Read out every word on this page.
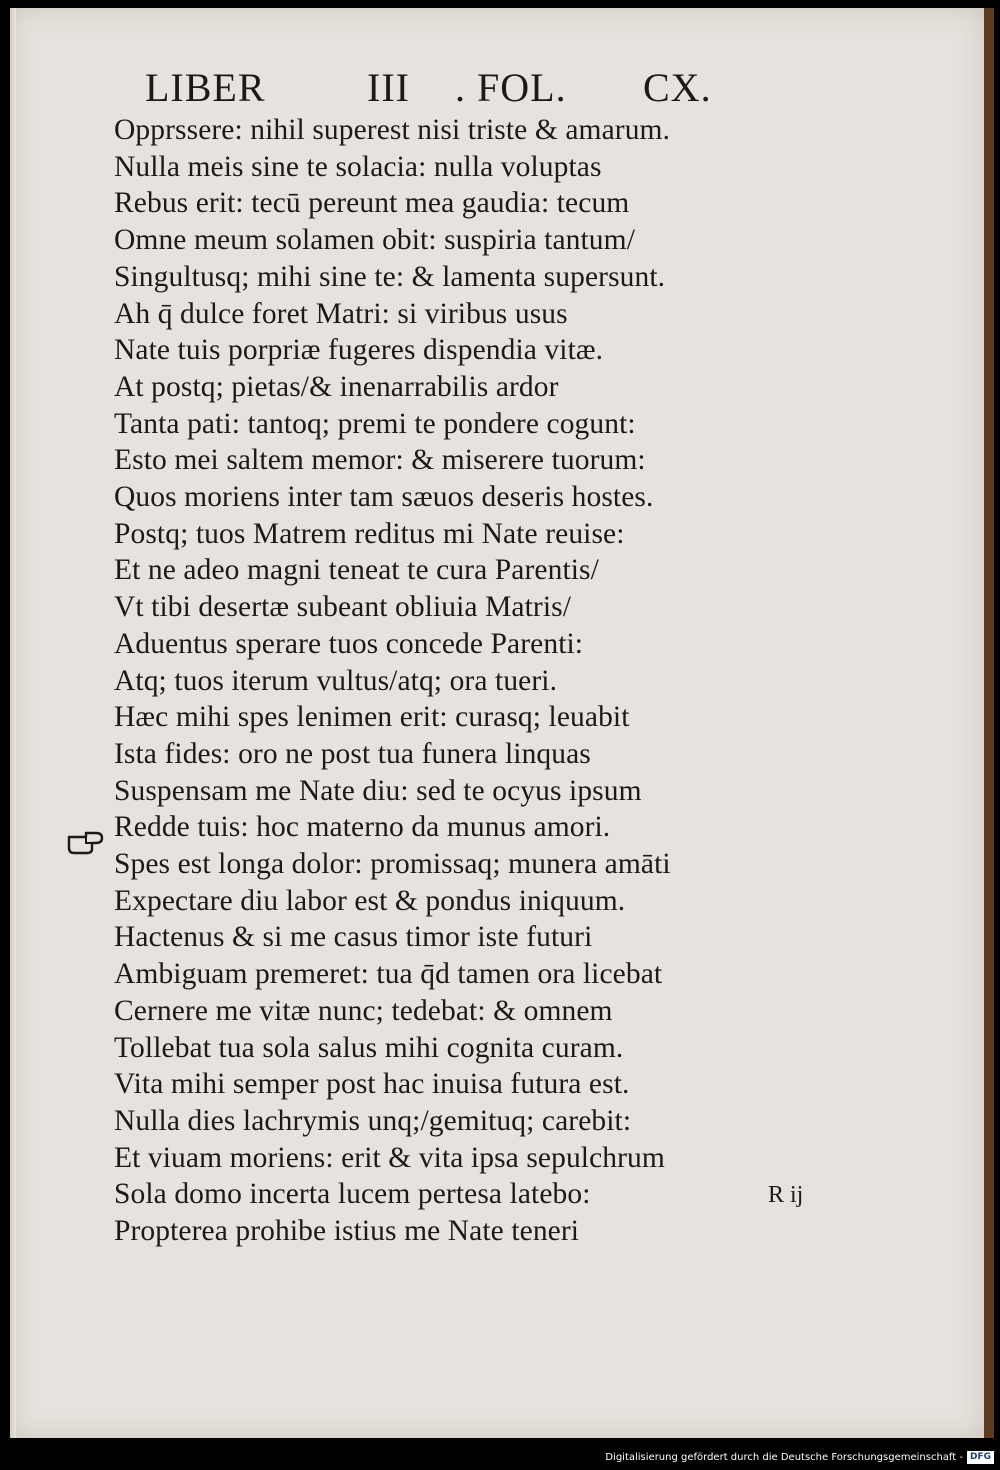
LIBER	III . FOL. CX.
Opprssere: nihil superest nisi triste & amarum.
Nulla meis sine te solacia: nulla voluptas
Rebus erit: tecū pereunt mea gaudia: tecum
Omne meum solamen obit: suspiria tantum/
Singultusq; mihi sine te: & lamenta supersunt.
Ah q̄ dulce foret Matri: si viribus usus
Nate tuis porpriæ fugeres dispendia vitæ.
At postq; pietas/& inenarrabilis ardor
Tanta pati: tantoq; premi te pondere cogunt:
Esto mei saltem memor: & miserere tuorum:
Quos moriens inter tam sæuos deseris hostes.
Postq; tuos Matrem reditus mi Nate reuise:
Et ne adeo magni teneat te cura Parentis/
Vt tibi desertæ subeant obliuia Matris/
Aduentus sperare tuos concede Parenti:
Atq; tuos iterum vultus/atq; ora tueri.
Hæc mihi spes lenimen erit: curasq; leuabit
Ista fides: oro ne post tua funera linquas
Suspensam me Nate diu: sed te ocyus ipsum
Redde tuis: hoc materno da munus amori.
Spes est longa dolor: promissaq; munera amāti
Expectare diu labor est & pondus iniquum.
Hactenus & si me casus timor iste futuri
Ambiguam premeret: tua q̄d tamen ora licebat
Cernere me vitæ nunc; tedebat: & omnem
Tollebat tua sola salus mihi cognita curam.
Vita mihi semper post hac inuisa futura est.
Nulla dies lachrymis unq;/gemituq; carebit:
Et viuam moriens: erit & vita ipsa sepulchrum
Sola domo incerta lucem pertesa latebo:
Propterea prohibe istius me Nate teneri
R ij
Digitalisierung gefördert durch die Deutsche Forschungsgemeinschaft - DFG
